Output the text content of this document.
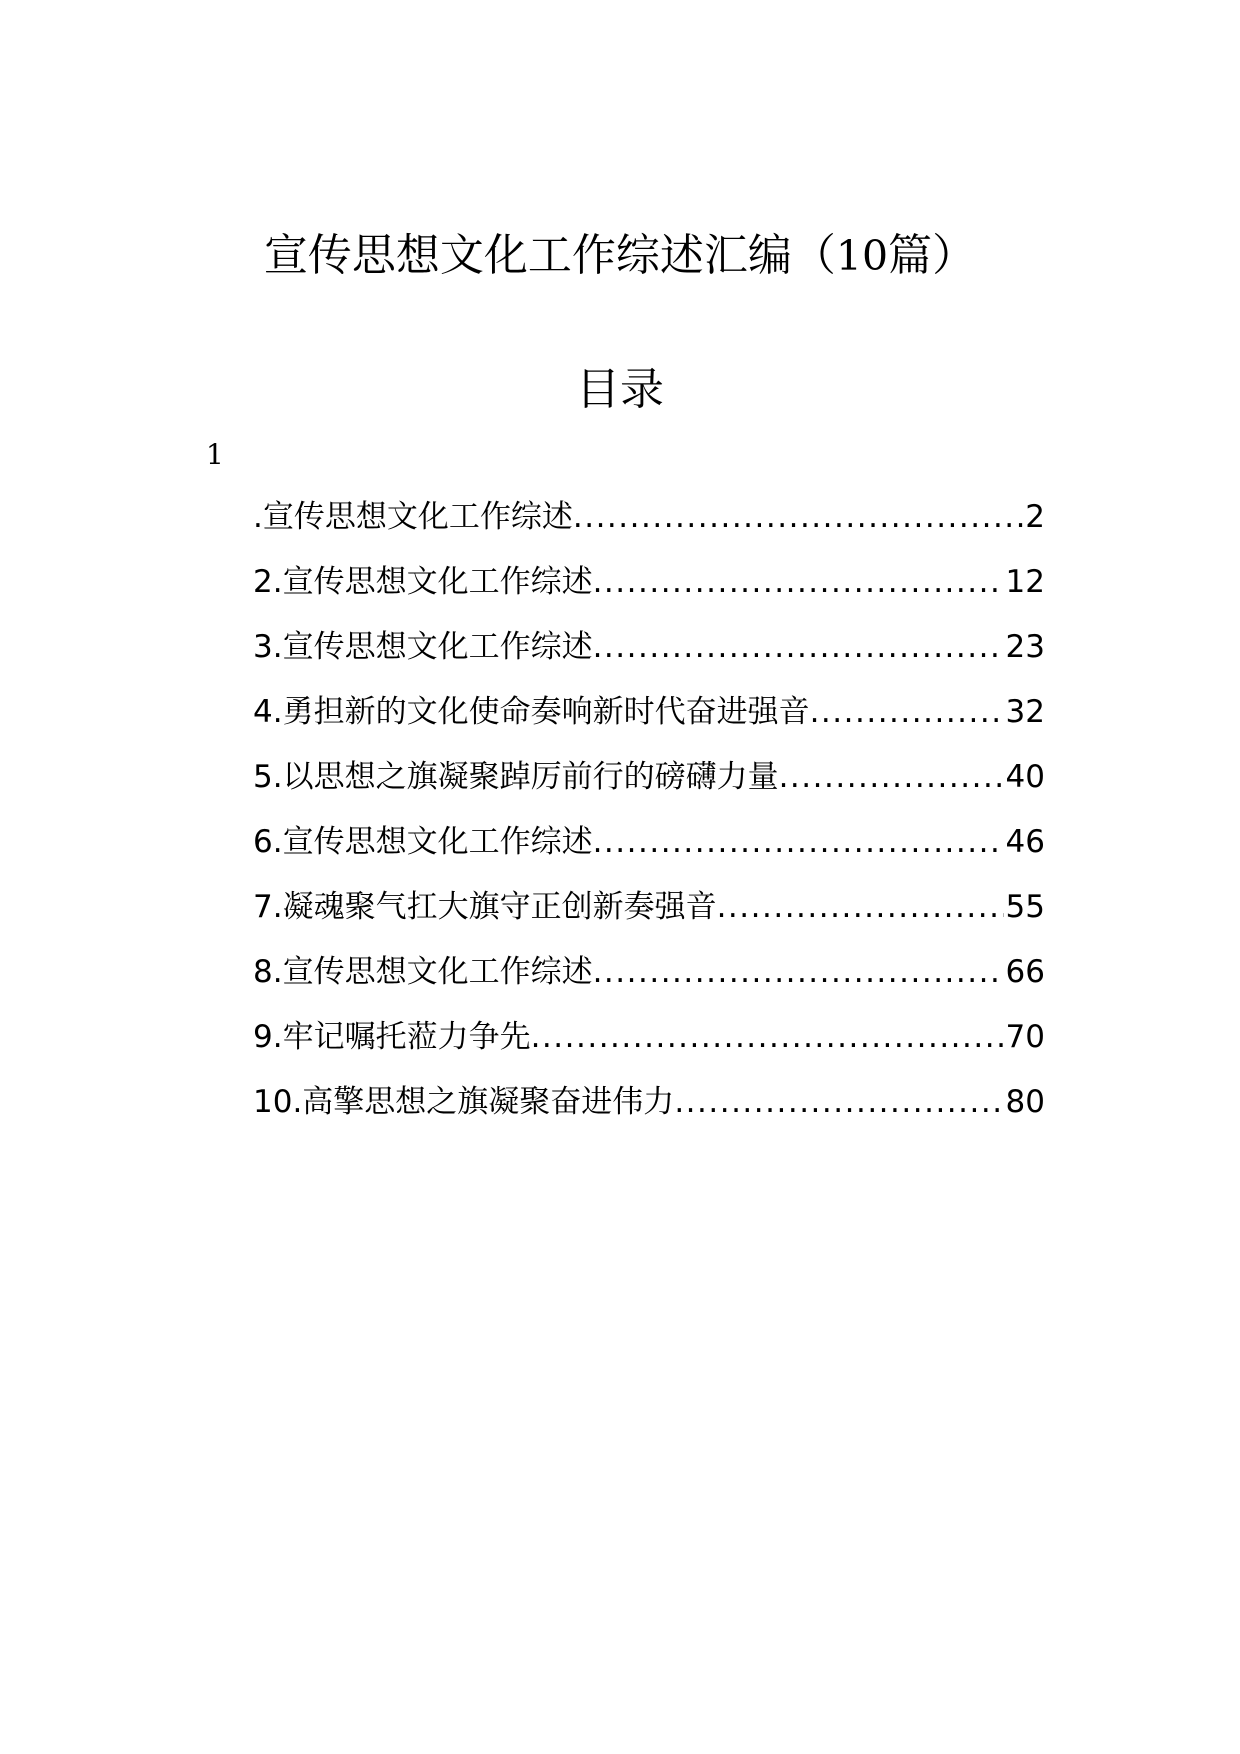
宣传思想文化工作综述汇编（10篇）
目录
1
.宣传思想文化工作综述 .....	2
2.宣传思想文化工作综述 .....	12
3.宣传思想文化工作综述 .....	23
4.勇担新的文化使命奏响新时代奋进强音 .....	32
5.以思想之旗凝聚踔厉前行的磅礴力量 .....	40
6.宣传思想文化工作综述 .....	46
7.凝魂聚气扛大旗守正创新奏强音 .....	55
8.宣传思想文化工作综述 .....	66
9.牢记嘱托蒞力争先 .....	70
10.高擎思想之旗凝聚奋进伟力 .....	80
